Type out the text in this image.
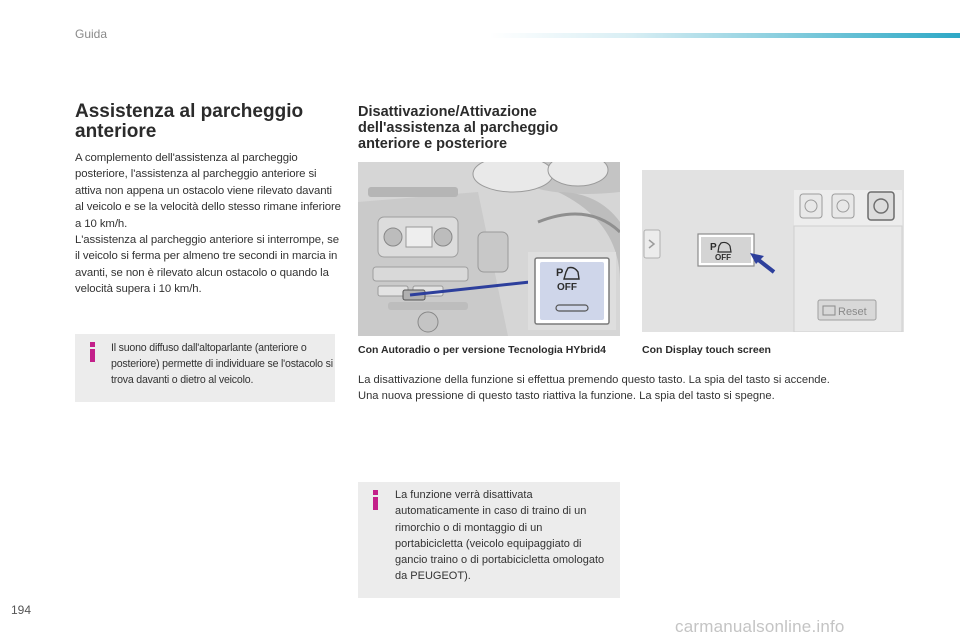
Guida
Assistenza al parcheggio anteriore

A complemento dell'assistenza al parcheggio posteriore, l'assistenza al parcheggio anteriore si attiva non appena un ostacolo viene rilevato davanti al veicolo e se la velocità dello stesso rimane inferiore a 10 km/h.

L'assistenza al parcheggio anteriore si interrompe, se il veicolo si ferma per almeno tre secondi in marcia in avanti, se non è rilevato alcun ostacolo o quando la velocità supera i 10 km/h.

Il suono diffuso dall'altoparlante (anteriore o posteriore) permette di individuare se l'ostacolo si trova davanti o dietro al veicolo.
Disattivazione/Attivazione dell'assistenza al parcheggio anteriore e posteriore
P
OFF
Reset
P
OFF
Con Autoradio o per versione Tecnologia HYbrid4	Con Display touch screen

La disattivazione della funzione si effettua premendo questo tasto. La spia del tasto si accende.

Una nuova pressione di questo tasto riattiva la funzione. La spia del tasto si spegne.

La funzione verrà disattivata automaticamente in caso di traino di un rimorchio o di montaggio di un portabicicletta (veicolo equipaggiato di gancio traino o di portabicicletta omologato da PEUGEOT).
194
carmanualsonline.info
